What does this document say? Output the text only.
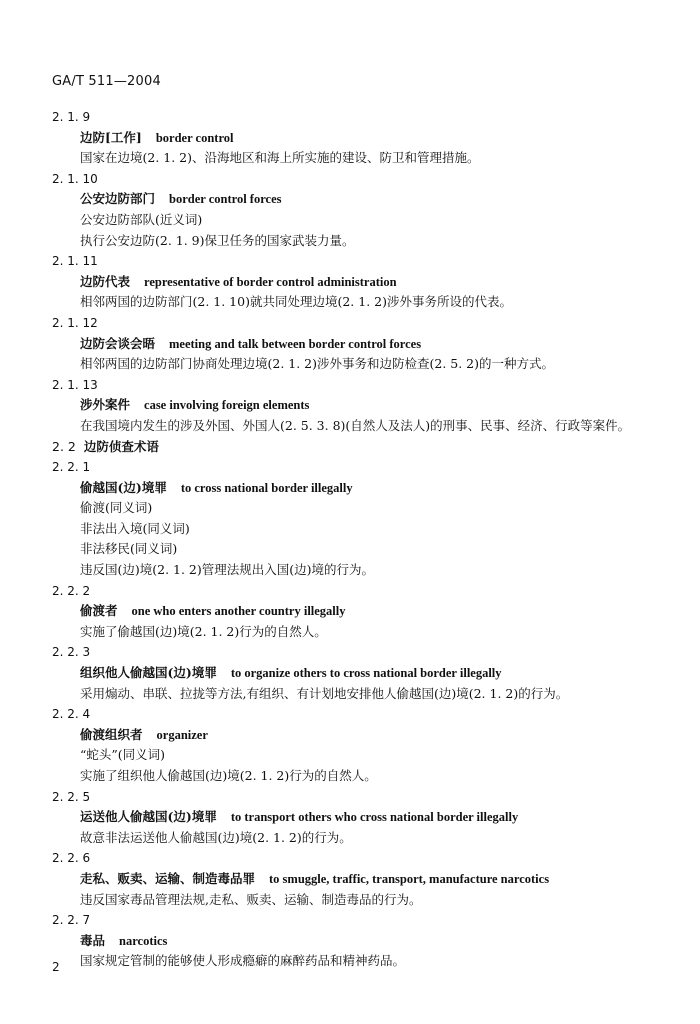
GA/T 511—2004
2. 1. 9
边防[工作] border control
国家在边境(2. 1. 2)、沿海地区和海上所实施的建设、防卫和管理措施。
2. 1. 10
公安边防部门 border control forces
公安边防部队(近义词)
执行公安边防(2. 1. 9)保卫任务的国家武装力量。
2. 1. 11
边防代表 representative of border control administration
相邻两国的边防部门(2. 1. 10)就共同处理边境(2. 1. 2)涉外事务所设的代表。
2. 1. 12
边防会谈会晤 meeting and talk between border control forces
相邻两国的边防部门协商处理边境(2. 1. 2)涉外事务和边防检查(2. 5. 2)的一种方式。
2. 1. 13
涉外案件 case involving foreign elements
在我国境内发生的涉及外国、外国人(2. 5. 3. 8)(自然人及法人)的刑事、民事、经济、行政等案件。
2. 2 边防侦查术语
2. 2. 1
偷越国(边)境罪 to cross national border illegally
偷渡(同义词)
非法出入境(同义词)
非法移民(同义词)
违反国(边)境(2. 1. 2)管理法规出入国(边)境的行为。
2. 2. 2
偷渡者 one who enters another country illegally
实施了偷越国(边)境(2. 1. 2)行为的自然人。
2. 2. 3
组织他人偷越国(边)境罪 to organize others to cross national border illegally
采用煽动、串联、拉拢等方法,有组织、有计划地安排他人偷越国(边)境(2. 1. 2)的行为。
2. 2. 4
偷渡组织者 organizer
“蛇头”(同义词)
实施了组织他人偷越国(边)境(2. 1. 2)行为的自然人。
2. 2. 5
运送他人偷越国(边)境罪 to transport others who cross national border illegally
故意非法运送他人偷越国(边)境(2. 1. 2)的行为。
2. 2. 6
走私、贩卖、运输、制造毒品罪 to smuggle, traffic, transport, manufacture narcotics
违反国家毒品管理法规,走私、贩卖、运输、制造毒品的行为。
2. 2. 7
毒品 narcotics
国家规定管制的能够使人形成瘾癖的麻醉药品和精神药品。
2
